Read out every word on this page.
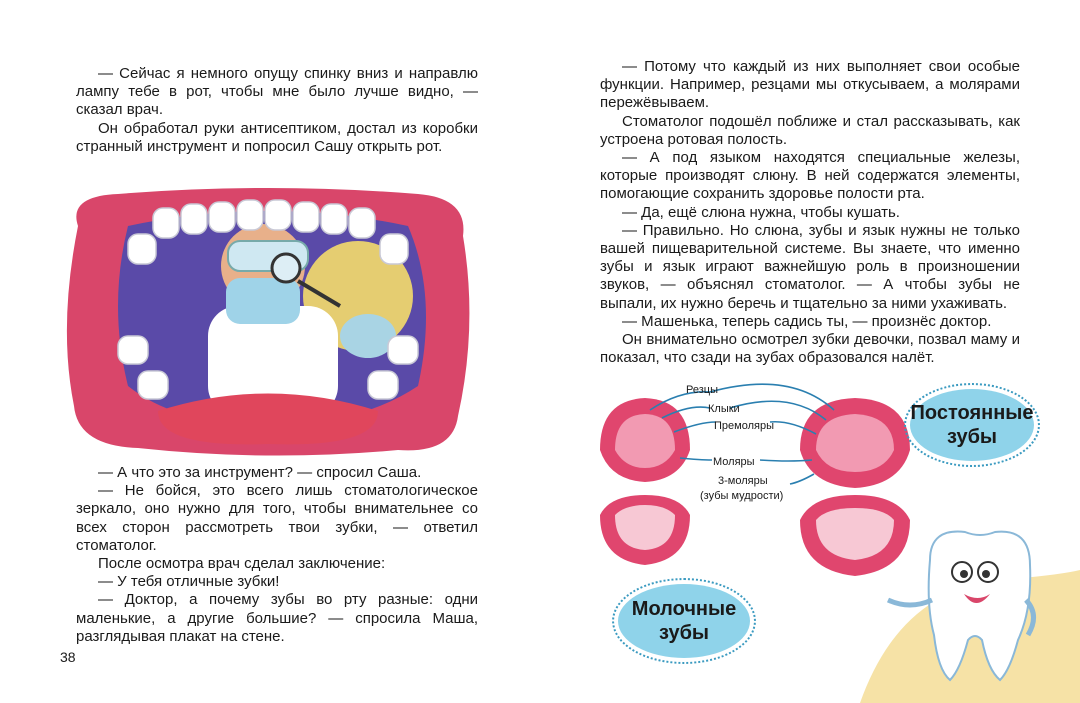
— Сейчас я немного опущу спинку вниз и направлю лампу тебе в рот, чтобы мне было лучше видно, — сказал врач.

Он обработал руки антисептиком, достал из коробки странный инструмент и попросил Сашу открыть рот.

— А что это за инструмент? — спросил Саша.

— Не бойся, это всего лишь стоматологическое зеркало, оно нужно для того, чтобы внимательнее со всех сторон рассмотреть твои зубки, — ответил стоматолог.

После осмотра врач сделал заключение:

— У тебя отличные зубки!

— Доктор, а почему зубы во рту разные: одни маленькие, а другие большие? — спросила Маша, разглядывая плакат на стене.

38

— Потому что каждый из них выполняет свои особые функции. Например, резцами мы откусываем, а молярами пережёвываем.

Стоматолог подошёл поближе и стал рассказывать, как устроена ротовая полость.

— А под языком находятся специальные железы, которые производят слюну. В ней содержатся элементы, помогающие сохранить здоровье полости рта.

— Да, ещё слюна нужна, чтобы кушать.

— Правильно. Но слюна, зубы и язык нужны не только вашей пищеварительной системе. Вы знаете, что именно зубы и язык играют важнейшую роль в произношении звуков, — объяснял стоматолог. — А чтобы зубы не выпали, их нужно беречь и тщательно за ними ухаживать.

— Машенька, теперь садись ты, — произнёс доктор.

Он внимательно осмотрел зубки девочки, позвал маму и показал, что сзади на зубах образовался налёт.

Резцы
Клыки
Премоляры
Моляры
3-моляры
(зубы мудрости)
Постоянные
зубы
Молочные
зубы
